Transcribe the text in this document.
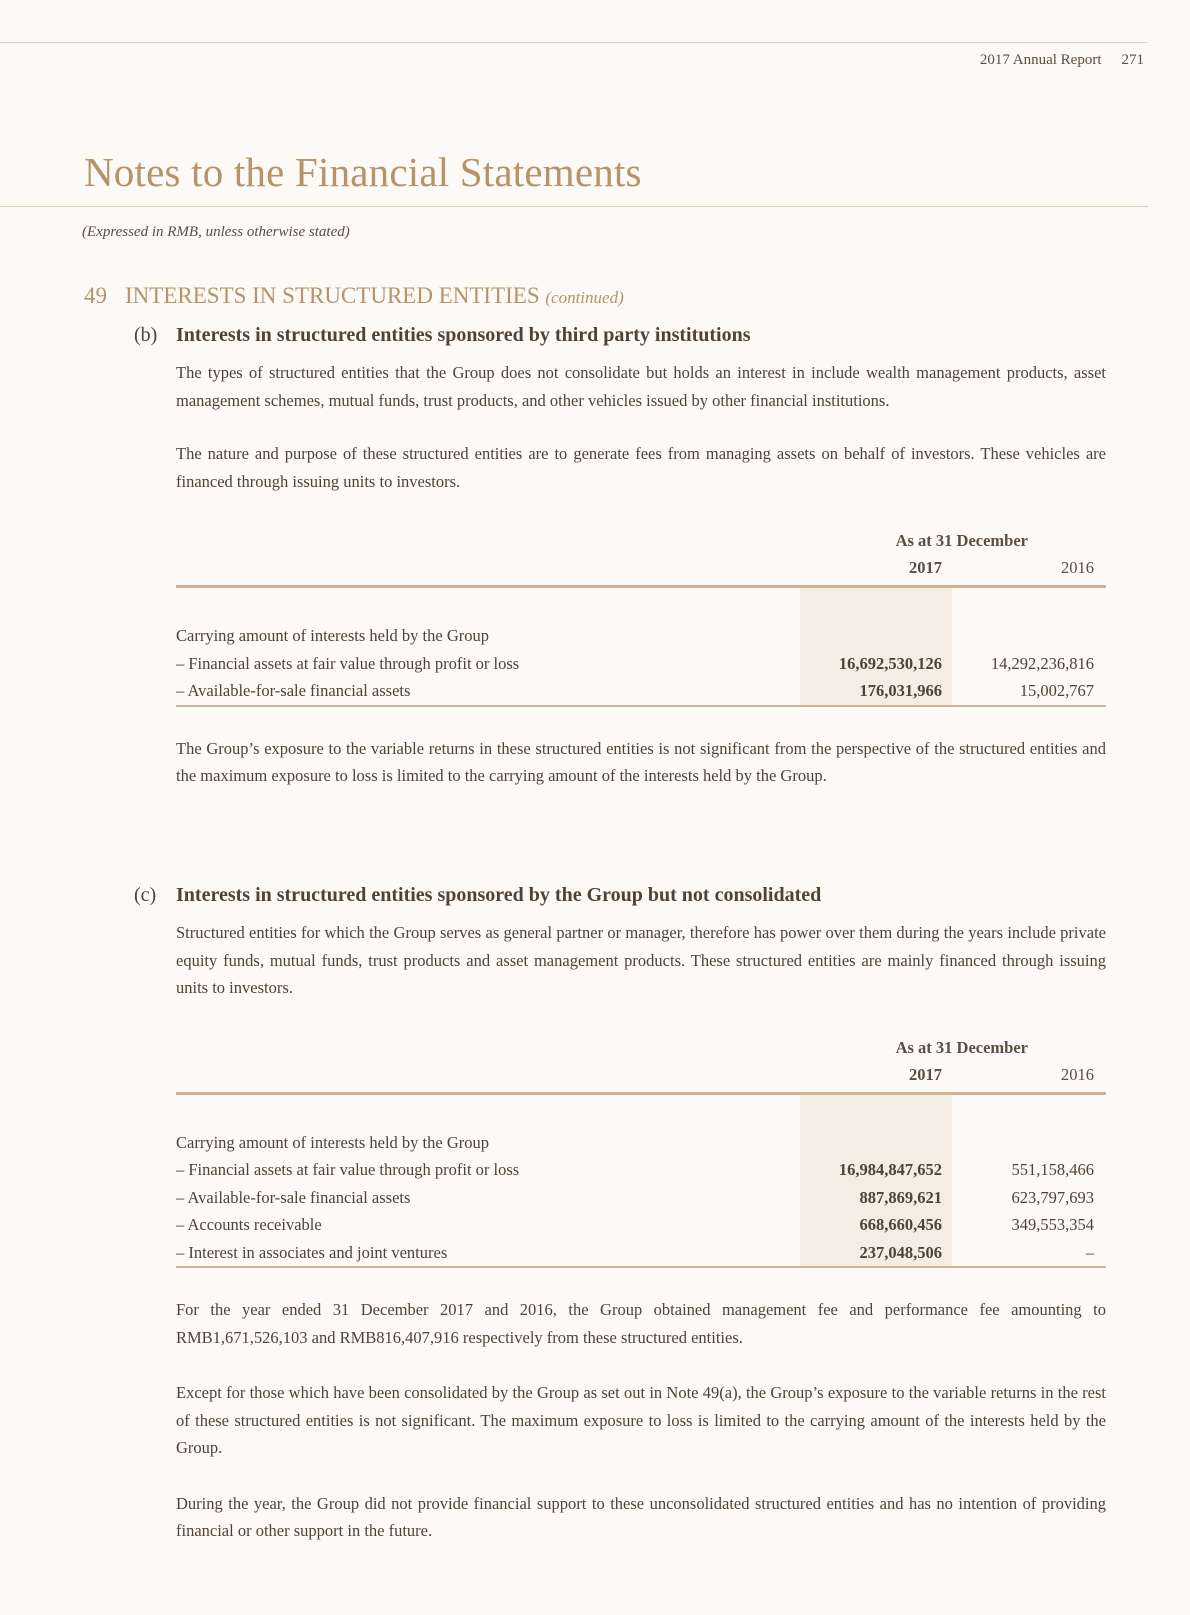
2017 Annual Report 271
Notes to the Financial Statements
(Expressed in RMB, unless otherwise stated)
49 INTERESTS IN STRUCTURED ENTITIES (continued)
(b) Interests in structured entities sponsored by third party institutions

The types of structured entities that the Group does not consolidate but holds an interest in include wealth management products, asset management schemes, mutual funds, trust products, and other vehicles issued by other financial institutions.

The nature and purpose of these structured entities are to generate fees from managing assets on behalf of investors. These vehicles are financed through issuing units to investors.

As at 31 December
2017	2016
Carrying amount of interests held by the Group
– Financial assets at fair value through profit or loss	16,692,530,126	14,292,236,816
– Available-for-sale financial assets	176,031,966	15,002,767

The Group’s exposure to the variable returns in these structured entities is not significant from the perspective of the structured entities and the maximum exposure to loss is limited to the carrying amount of the interests held by the Group.

(c) Interests in structured entities sponsored by the Group but not consolidated

Structured entities for which the Group serves as general partner or manager, therefore has power over them during the years include private equity funds, mutual funds, trust products and asset management products. These structured entities are mainly financed through issuing units to investors.

As at 31 December
2017	2016
Carrying amount of interests held by the Group
– Financial assets at fair value through profit or loss	16,984,847,652	551,158,466
– Available-for-sale financial assets	887,869,621	623,797,693
– Accounts receivable	668,660,456	349,553,354
– Interest in associates and joint ventures	237,048,506	–

For the year ended 31 December 2017 and 2016, the Group obtained management fee and performance fee amounting to RMB1,671,526,103 and RMB816,407,916 respectively from these structured entities.

Except for those which have been consolidated by the Group as set out in Note 49(a), the Group’s exposure to the variable returns in the rest of these structured entities is not significant. The maximum exposure to loss is limited to the carrying amount of the interests held by the Group.

During the year, the Group did not provide financial support to these unconsolidated structured entities and has no intention of providing financial or other support in the future.
